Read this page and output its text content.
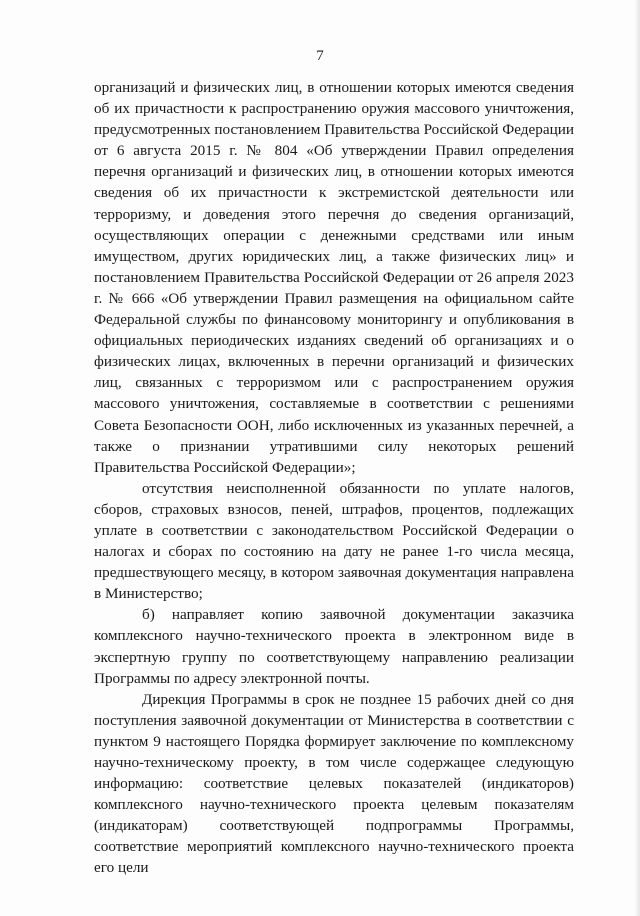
7

организаций и физических лиц, в отношении которых имеются сведения об их причастности к распространению оружия массового уничтожения, предусмотренных постановлением Правительства Российской Федерации от 6 августа 2015 г. № 804 «Об утверждении Правил определения перечня организаций и физических лиц, в отношении которых имеются сведения об их причастности к экстремистской деятельности или терроризму, и доведения этого перечня до сведения организаций, осуществляющих операции с денежными средствами или иным имуществом, других юридических лиц, а также физических лиц» и постановлением Правительства Российской Федерации от 26 апреля 2023 г. № 666 «Об утверждении Правил размещения на официальном сайте Федеральной службы по финансовому мониторингу и опубликования в официальных периодических изданиях сведений об организациях и о физических лицах, включенных в перечни организаций и физических лиц, связанных с терроризмом или с распространением оружия массового уничтожения, составляемые в соответствии с решениями Совета Безопасности ООН, либо исключенных из указанных перечней, а также о признании утратившими силу некоторых решений Правительства Российской Федерации»;

отсутствия неисполненной обязанности по уплате налогов, сборов, страховых взносов, пеней, штрафов, процентов, подлежащих уплате в соответствии с законодательством Российской Федерации о налогах и сборах по состоянию на дату не ранее 1-го числа месяца, предшествующего месяцу, в котором заявочная документация направлена в Министерство;

б) направляет копию заявочной документации заказчика комплексного научно-технического проекта в электронном виде в экспертную группу по соответствующему направлению реализации Программы по адресу электронной почты.

Дирекция Программы в срок не позднее 15 рабочих дней со дня поступления заявочной документации от Министерства в соответствии с пунктом 9 настоящего Порядка формирует заключение по комплексному научно-техническому проекту, в том числе содержащее следующую информацию: соответствие целевых показателей (индикаторов) комплексного научно-технического проекта целевым показателям (индикаторам) соответствующей подпрограммы Программы, соответствие мероприятий комплексного научно-технического проекта его цели
